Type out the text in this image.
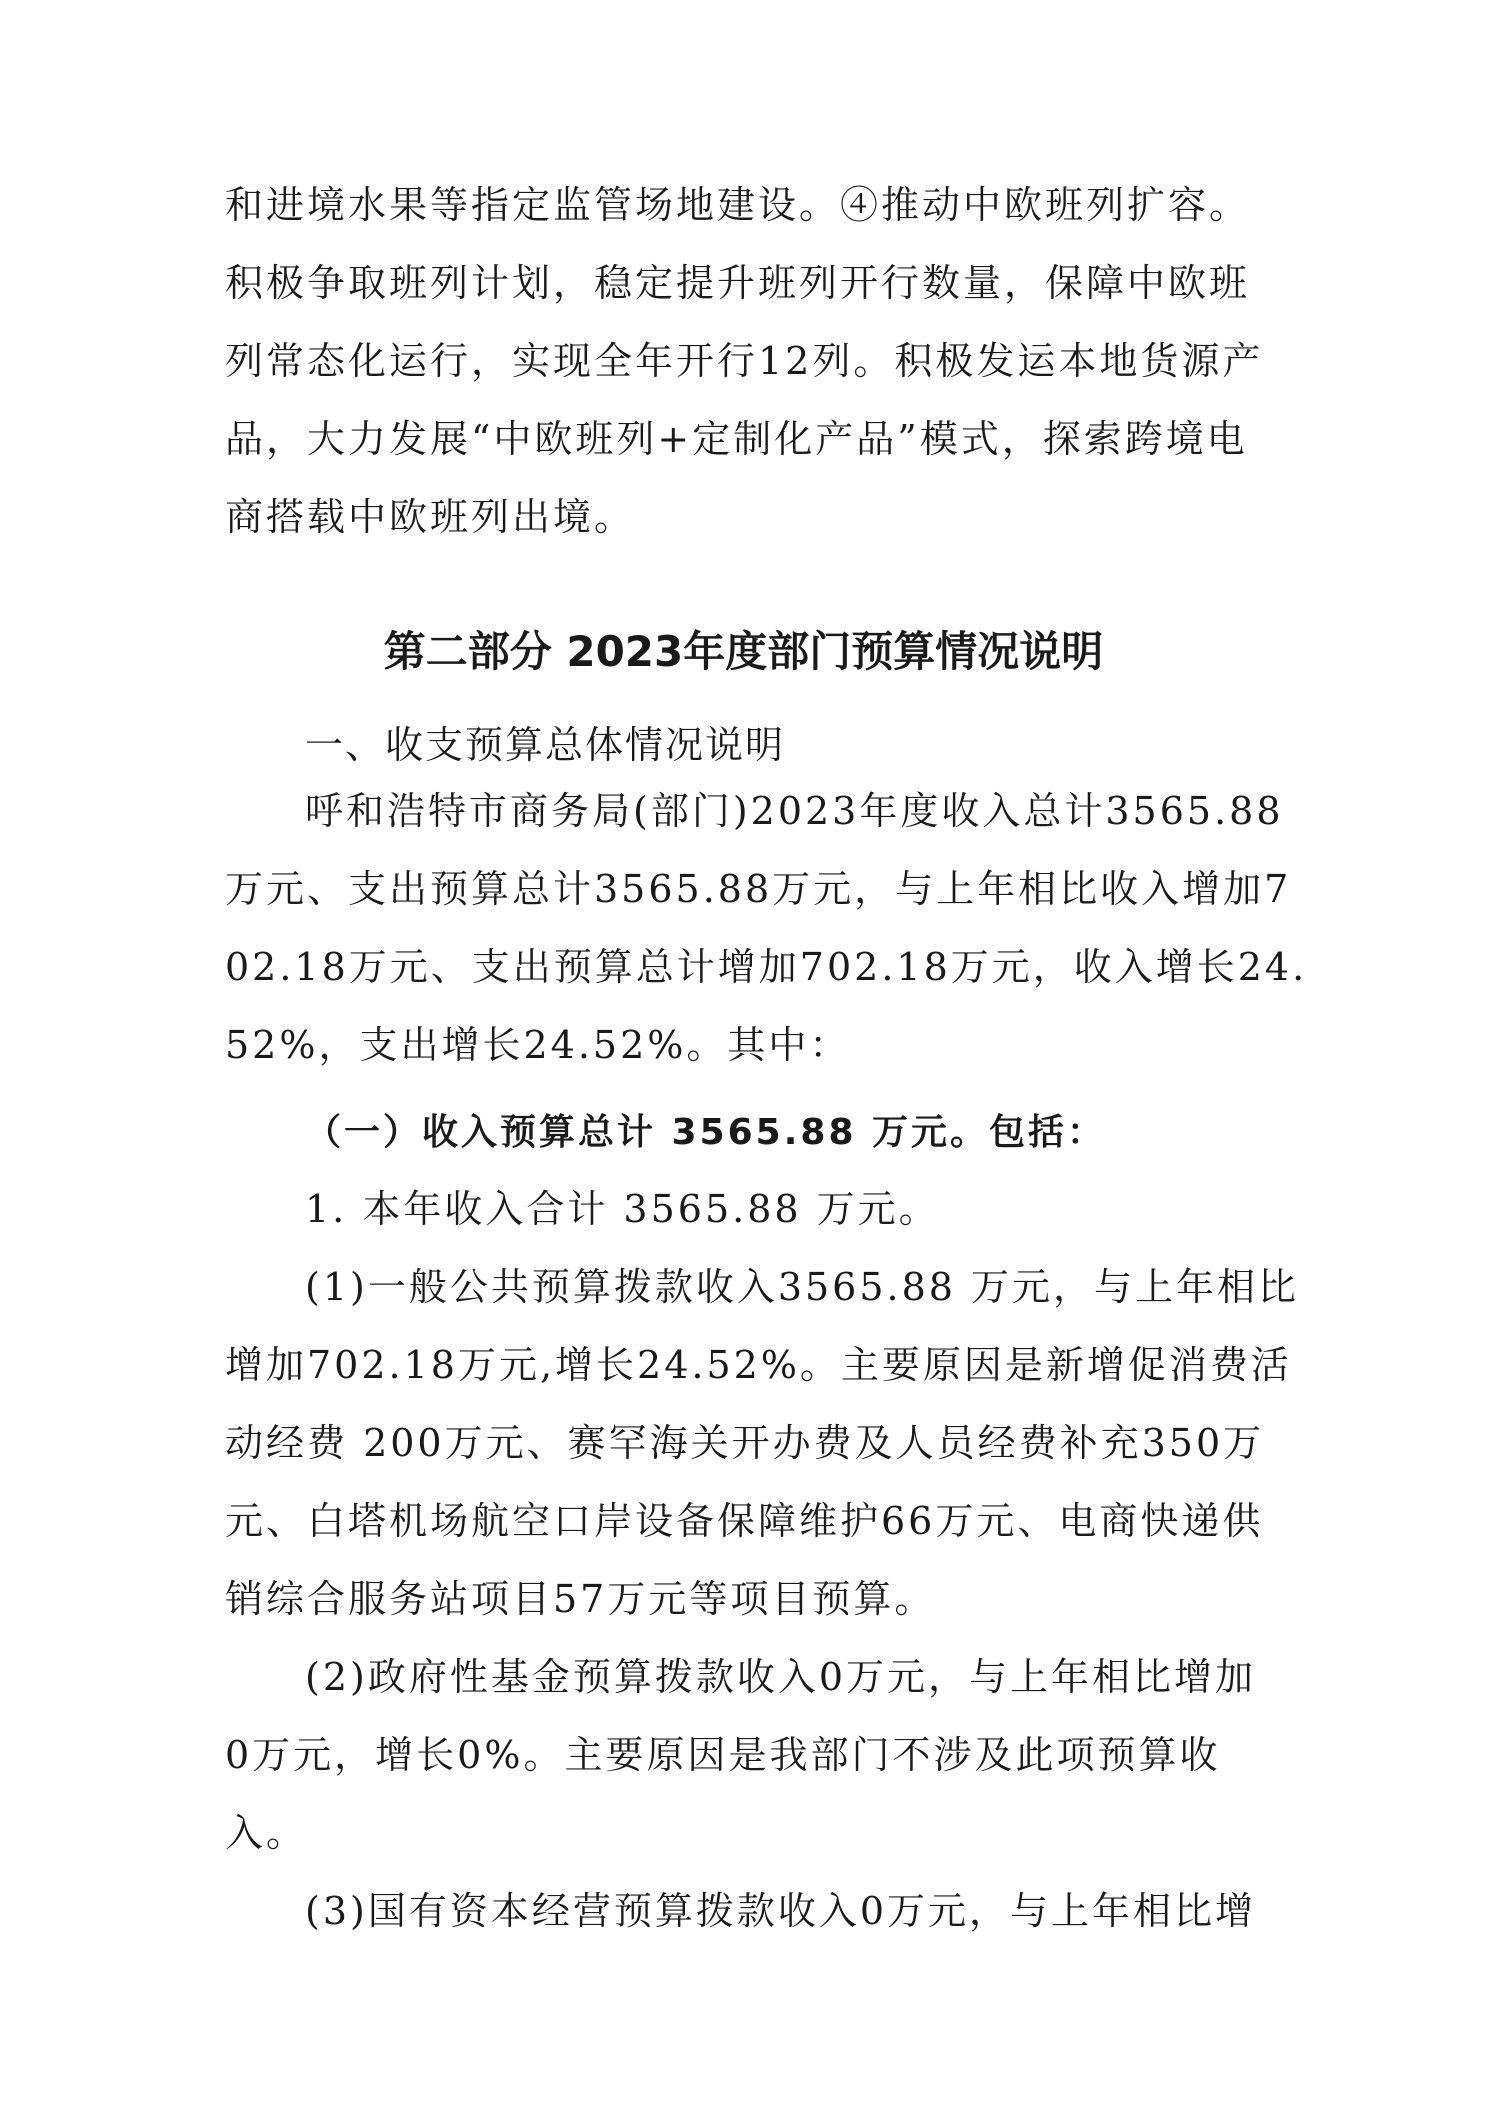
和进境水果等指定监管场地建设。④推动中欧班列扩容。
积极争取班列计划，稳定提升班列开行数量，保障中欧班
列常态化运行，实现全年开行12列。积极发运本地货源产
品，大力发展“中欧班列+定制化产品”模式，探索跨境电
商搭载中欧班列出境。
第二部分 2023年度部门预算情况说明
一、收支预算总体情况说明
呼和浩特市商务局(部门)2023年度收入总计3565.88
万元、支出预算总计3565.88万元，与上年相比收入增加7
02.18万元、支出预算总计增加702.18万元，收入增长24.
52%，支出增长24.52%。其中：
（一）收入预算总计 3565.88 万元。包括：
1. 本年收入合计 3565.88 万元。
(1)一般公共预算拨款收入3565.88 万元，与上年相比
增加702.18万元,增长24.52%。主要原因是新增促消费活
动经费 200万元、赛罕海关开办费及人员经费补充350万
元、白塔机场航空口岸设备保障维护66万元、电商快递供
销综合服务站项目57万元等项目预算。
(2)政府性基金预算拨款收入0万元，与上年相比增加
0万元，增长0%。主要原因是我部门不涉及此项预算收
入。
(3)国有资本经营预算拨款收入0万元，与上年相比增
